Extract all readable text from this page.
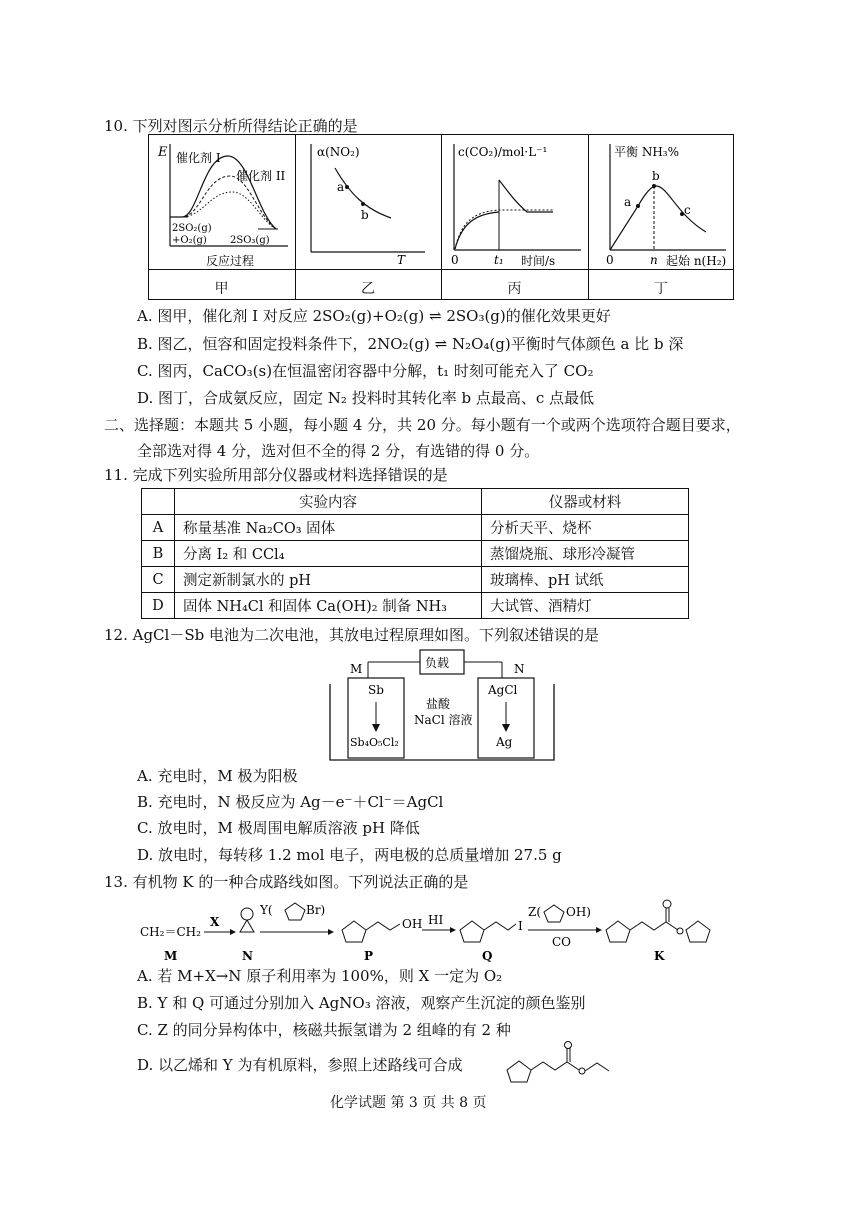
10. 下列对图示分析所得结论正确的是
E 催化剂 I
催化剂 II
2SO₂(g)
+O₂(g) 2SO₃(g)
反应过程
甲
α(NO₂)
a
b
T
乙
c(CO₂)/mol·L⁻¹
0	t₁ 时间/s
丙
平衡 NH₃%
a
b
c
0	n 起始 n(H₂)
丁
A. 图甲，催化剂 I 对反应 2SO₂(g)+O₂(g) ⇌ 2SO₃(g)的催化效果更好
B. 图乙，恒容和固定投料条件下，2NO₂(g) ⇌ N₂O₄(g)平衡时气体颜色 a 比 b 深
C. 图丙，CaCO₃(s)在恒温密闭容器中分解，t₁ 时刻可能充入了 CO₂
D. 图丁，合成氨反应，固定 N₂ 投料时其转化率 b 点最高、c 点最低
二、选择题：本题共 5 小题，每小题 4 分，共 20 分。每小题有一个或两个选项符合题目要求，
全部选对得 4 分，选对但不全的得 2 分，有选错的得 0 分。
11. 完成下列实验所用部分仪器或材料选择错误的是
	实验内容	仪器或材料
A	称量基准 Na₂CO₃ 固体	分析天平、烧杯
B	分离 I₂ 和 CCl₄	蒸馏烧瓶、球形冷凝管
C	测定新制氯水的 pH	玻璃棒、pH 试纸
D	固体 NH₄Cl 和固体 Ca(OH)₂ 制备 NH₃	大试管、酒精灯
12. AgCl－Sb 电池为二次电池，其放电过程原理如图。下列叙述错误的是
负载
M	N
Sb
Sb₄O₅Cl₂
盐酸
NaCl 溶液
AgCl
Ag
A. 充电时，M 极为阳极
B. 充电时，N 极反应为 Ag－e⁻＋Cl⁻＝AgCl
C. 放电时，M 极周围电解质溶液 pH 降低
D. 放电时，每转移 1.2 mol 电子，两电极的总质量增加 27.5 g
13. 有机物 K 的一种合成路线如图。下列说法正确的是
CH₂＝CH₂
M
X
N
Y(	Br)
OH
P
HI	I
Q
Z( OH)
CO
K
A. 若 M+X→N 原子利用率为 100%，则 X 一定为 O₂
B. Y 和 Q 可通过分别加入 AgNO₃ 溶液，观察产生沉淀的颜色鉴别
C. Z 的同分异构体中，核磁共振氢谱为 2 组峰的有 2 种
D. 以乙烯和 Y 为有机原料，参照上述路线可合成
化学试题 第 3 页 共 8 页
